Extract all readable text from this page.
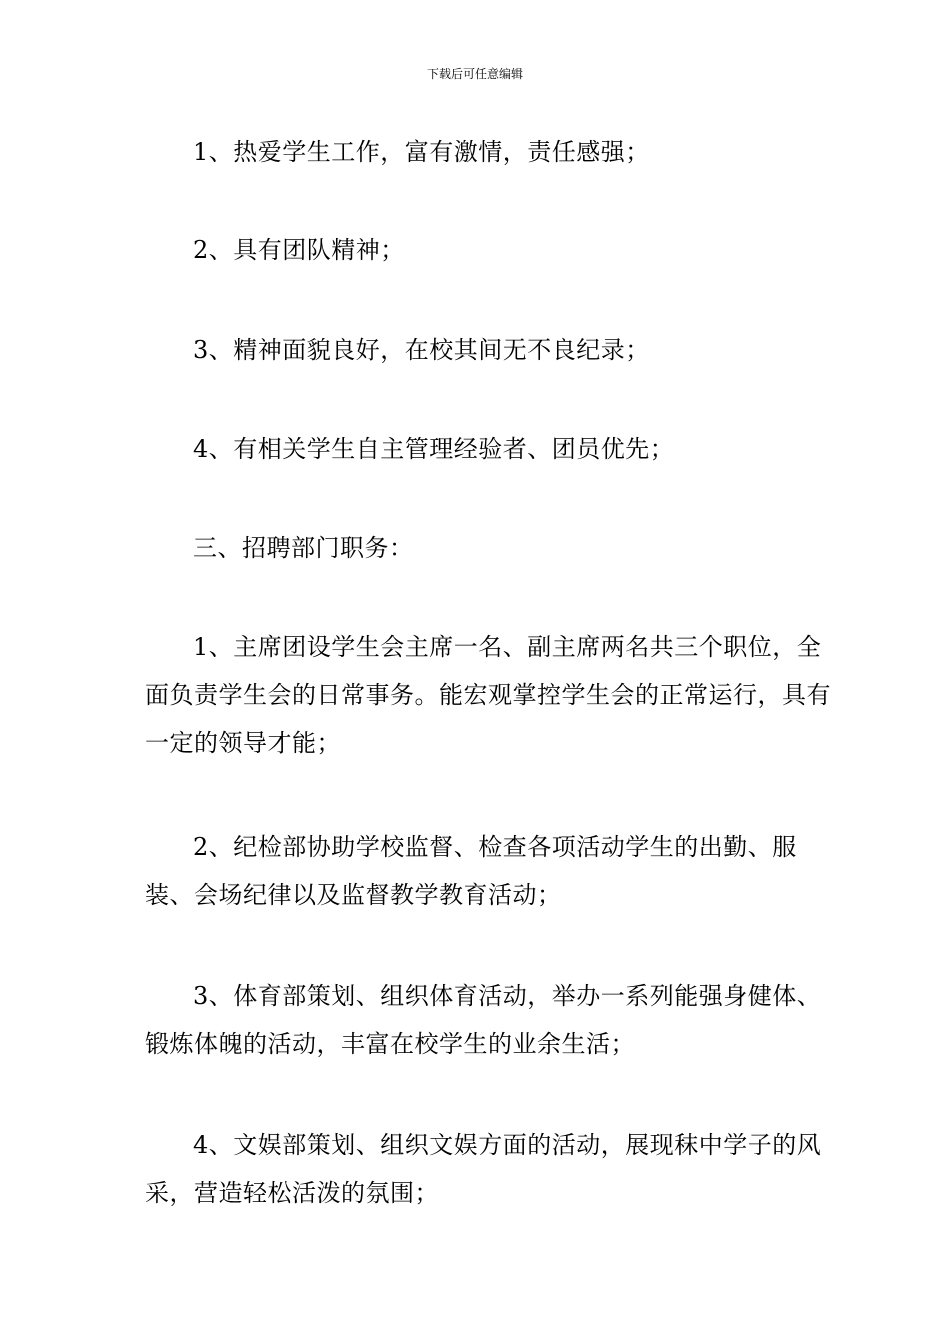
下载后可任意编辑

1、热爱学生工作，富有激情，责任感强；

2、具有团队精神；

3、精神面貌良好，在校其间无不良纪录；

4、有相关学生自主管理经验者、团员优先；

三、招聘部门职务：

1、主席团设学生会主席一名、副主席两名共三个职位，全面负责学生会的日常事务。能宏观掌控学生会的正常运行，具有一定的领导才能；

2、纪检部协助学校监督、检查各项活动学生的出勤、服装、会场纪律以及监督教学教育活动；

3、体育部策划、组织体育活动，举办一系列能强身健体、锻炼体魄的活动，丰富在校学生的业余生活；

4、文娱部策划、组织文娱方面的活动，展现秣中学子的风采，营造轻松活泼的氛围；
